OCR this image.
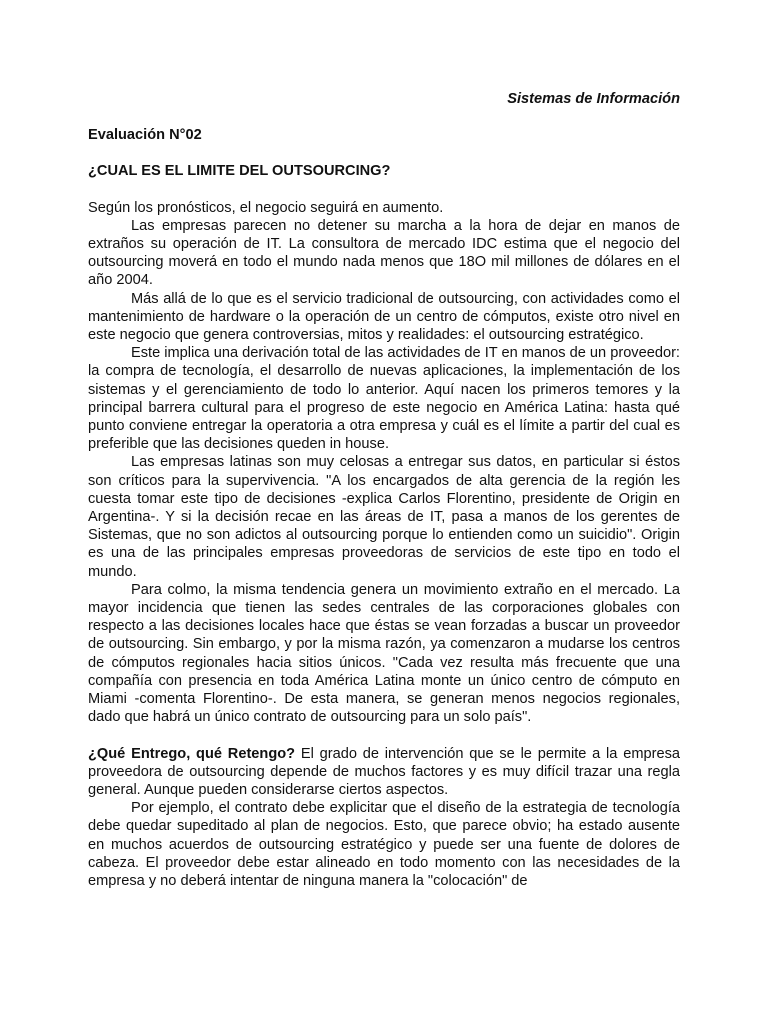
Sistemas de Información

Evaluación N°02

¿CUAL ES EL LIMITE DEL OUTSOURCING?

Según los pronósticos, el negocio seguirá en aumento.

Las empresas parecen no detener su marcha a la hora de dejar en manos de extraños su operación de IT. La consultora de mercado IDC estima que el negocio del outsourcing moverá en todo el mundo nada menos que 18O mil millones de dólares en el año 2004.

Más allá de lo que es el servicio tradicional de outsourcing, con actividades como el mantenimiento de hardware o la operación de un centro de cómputos, existe otro nivel en este negocio que genera controversias, mitos y realidades: el outsourcing estratégico.

Este implica una derivación total de las actividades de IT en manos de un proveedor: la compra de tecnología, el desarrollo de nuevas aplicaciones, la implementación de los sistemas y el gerenciamiento de todo lo anterior. Aquí nacen los primeros temores y la principal barrera cultural para el progreso de este negocio en América Latina: hasta qué punto conviene entregar la operatoria a otra empresa y cuál es el límite a partir del cual es preferible que las decisiones queden in house.

Las empresas latinas son muy celosas a entregar sus datos, en particular si éstos son críticos para la supervivencia. "A los encargados de alta gerencia de la región les cuesta tomar este tipo de decisiones -explica Carlos Florentino, presidente de Origin en Argentina-. Y si la decisión recae en las áreas de IT, pasa a manos de los gerentes de Sistemas, que no son adictos al outsourcing porque lo entienden como un suicidio". Origin es una de las principales empresas proveedoras de servicios de este tipo en todo el mundo.

Para colmo, la misma tendencia genera un movimiento extraño en el mercado. La mayor incidencia que tienen las sedes centrales de las corporaciones globales con respecto a las decisiones locales hace que éstas se vean forzadas a buscar un proveedor de outsourcing. Sin embargo, y por la misma razón, ya comenzaron a mudarse los centros de cómputos regionales hacia sitios únicos. "Cada vez resulta más frecuente que una compañía con presencia en toda América Latina monte un único centro de cómputo en Miami -comenta Florentino-. De esta manera, se generan menos negocios regionales, dado que habrá un único contrato de outsourcing para un solo país".

¿Qué Entrego, qué Retengo? El grado de intervención que se le permite a la empresa proveedora de outsourcing depende de muchos factores y es muy difícil trazar una regla general. Aunque pueden considerarse ciertos aspectos.

Por ejemplo, el contrato debe explicitar que el diseño de la estrategia de tecnología debe quedar supeditado al plan de negocios. Esto, que parece obvio; ha estado ausente en muchos acuerdos de outsourcing estratégico y puede ser una fuente de dolores de cabeza. El proveedor debe estar alineado en todo momento con las necesidades de la empresa y no deberá intentar de ninguna manera la "colocación" de
